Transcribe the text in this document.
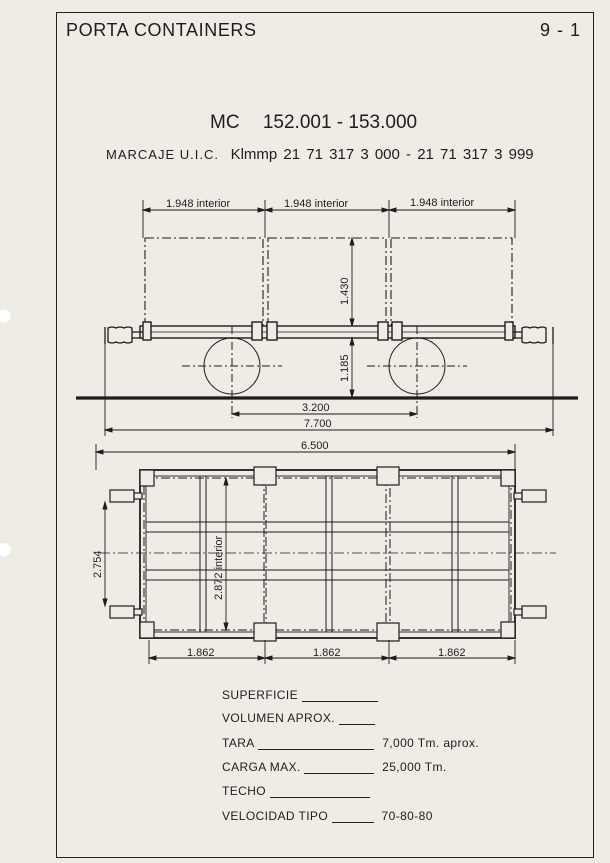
PORTA CONTAINERS	9 - 1
MC 152.001 - 153.000
MARCAJE U.I.C. Klmmp 21 71 317 3 000 - 21 71 317 3 999
1.948 interior	1.948 interior	1.948 interior
1.430
1.185
3.200
7.700
6.500
2.754	2.872 interior
1.862	1.862	1.862
SUPERFICIE
VOLUMEN APROX.
TARA	7,000 Tm. aprox.
CARGA MAX.	25,000 Tm.
TECHO
VELOCIDAD TIPO	70-80-80
